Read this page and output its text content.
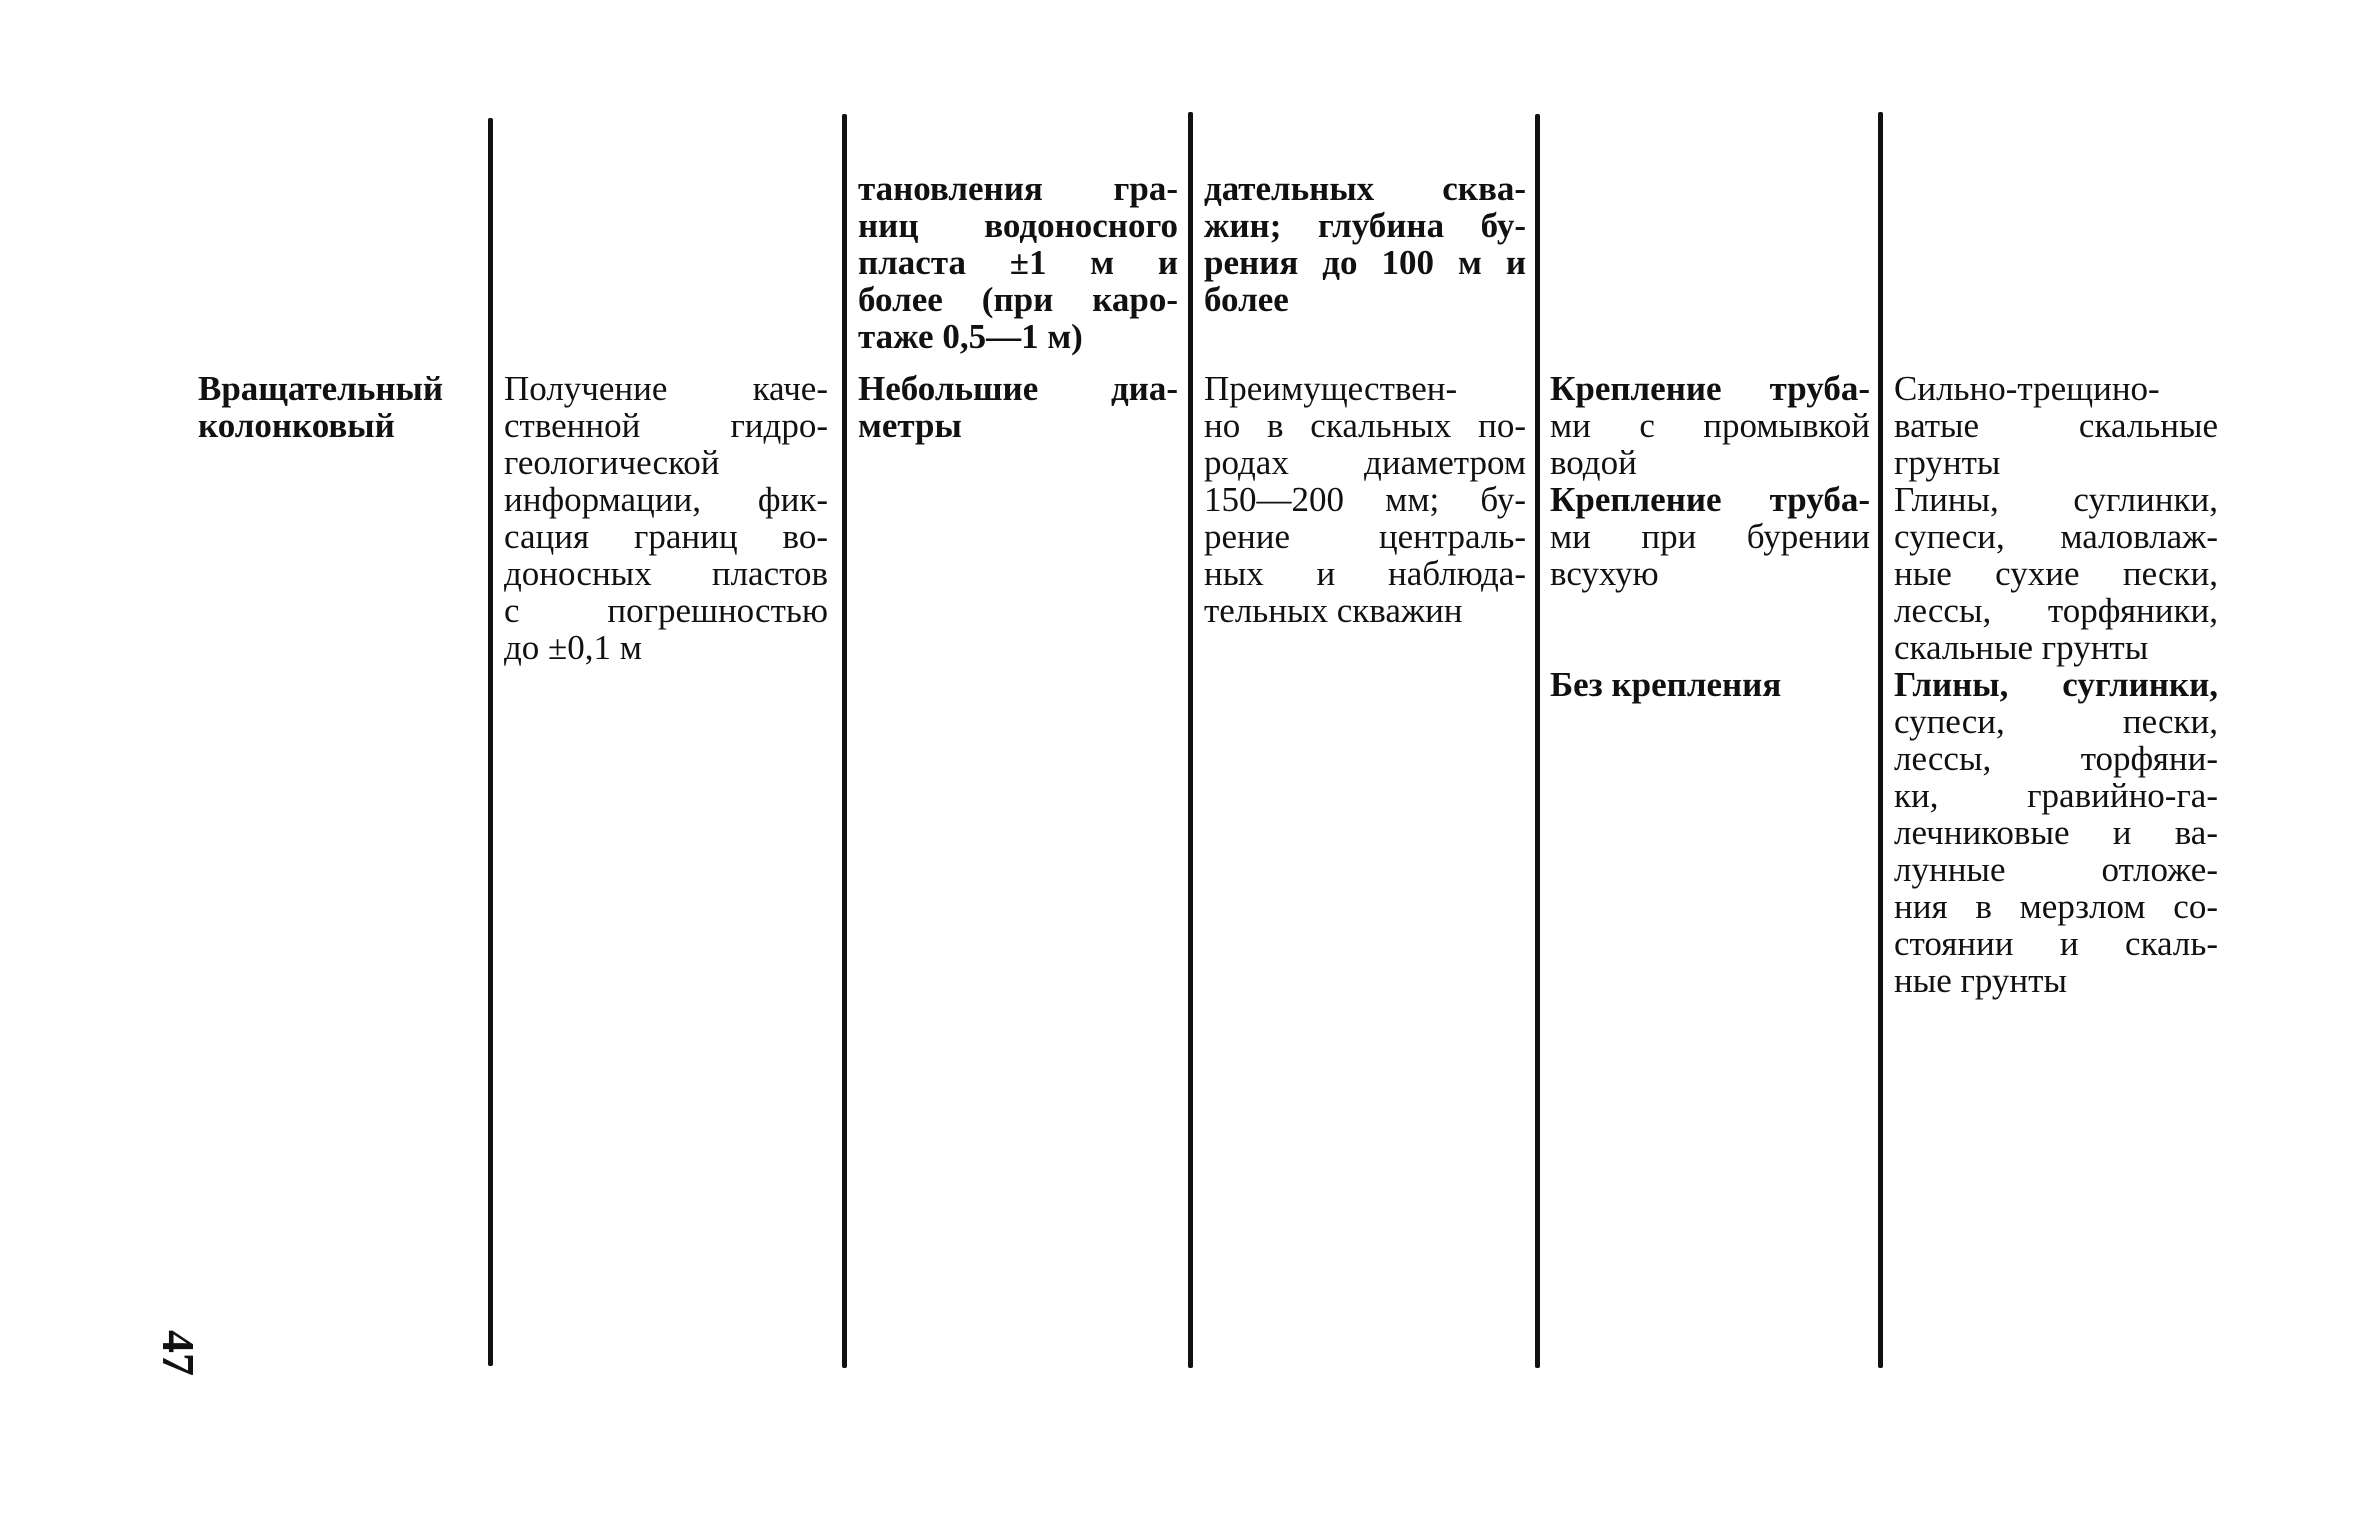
тановления гра-
ниц водоносного
пласта ±1 м и
более (при каро-
таже 0,5—1 м)
дательных сква-
жин; глубина бу-
рения до 100 м и
более
Вращательный
колонковый
Получение каче-
ственной гидро-
геологической
информации, фик-
сация границ во-
доносных пластов
с погрешностью
до ±0,1 м
Небольшие диа-
метры
Преимуществен-
но в скальных по-
родах диаметром
150—200 мм; бу-
рение централь-
ных и наблюда-
тельных скважин
Крепление труба-
ми с промывкой
водой
Крепление труба-
ми при бурении
всухую
Без крепления
Сильно-трещино-
ватые скальные
грунты
Глины, суглинки,
супеси, маловлаж-
ные сухие пески,
лессы, торфяники,
скальные грунты
Глины, суглинки,
супеси, пески,
лессы, торфяни-
ки, гравийно-га-
лечниковые и ва-
лунные отложе-
ния в мерзлом со-
стоянии и скаль-
ные грунты
47
